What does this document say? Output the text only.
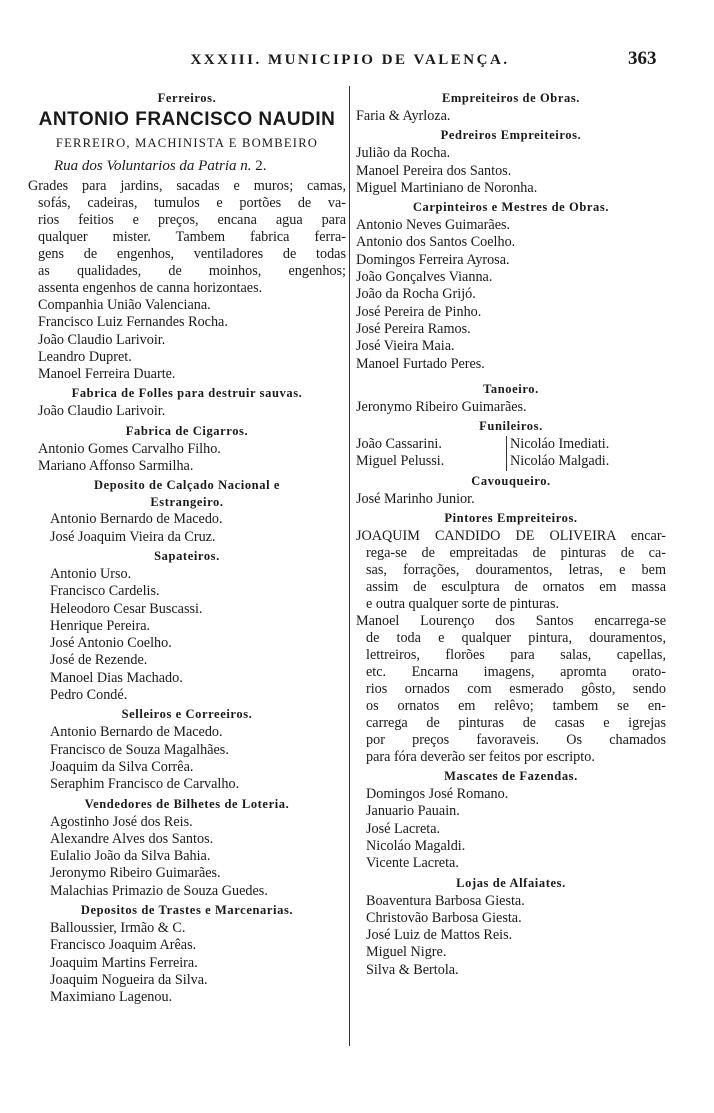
XXXIII. MUNICIPIO DE VALENÇA.	363
Ferreiros.
ANTONIO FRANCISCO NAUDIN
FERREIRO, MACHINISTA E BOMBEIRO
Rua dos Voluntarios da Patria n. 2.
Grades para jardins, sacadas e muros; camas,
sofás, cadeiras, tumulos e portões de va-
rios feitios e preços, encana agua para
qualquer mister. Tambem fabrica ferra-
gens de engenhos, ventiladores de todas
as qualidades, de moinhos, engenhos;
assenta engenhos de canna horizontaes.
Companhia União Valenciana.
Francisco Luiz Fernandes Rocha.
João Claudio Larivoir.
Leandro Dupret.
Manoel Ferreira Duarte.
Fabrica de Folles para destruir sauvas.
João Claudio Larivoir.
Fabrica de Cigarros.
Antonio Gomes Carvalho Filho.
Mariano Affonso Sarmilha.
Deposito de Calçado Nacional e
Estrangeiro.
Antonio Bernardo de Macedo.
José Joaquim Vieira da Cruz.
Sapateiros.
Antonio Urso.
Francisco Cardelis.
Heleodoro Cesar Buscassi.
Henrique Pereira.
José Antonio Coelho.
José de Rezende.
Manoel Dias Machado.
Pedro Condé.
Selleiros e Correeiros.
Antonio Bernardo de Macedo.
Francisco de Souza Magalhães.
Joaquim da Silva Corrêa.
Seraphim Francisco de Carvalho.
Vendedores de Bilhetes de Loteria.
Agostinho José dos Reis.
Alexandre Alves dos Santos.
Eulalio João da Silva Bahia.
Jeronymo Ribeiro Guimarães.
Malachias Primazio de Souza Guedes.
Depositos de Trastes e Marcenarias.
Balloussier, Irmão & C.
Francisco Joaquim Arêas.
Joaquim Martins Ferreira.
Joaquim Nogueira da Silva.
Maximiano Lagenou.
Empreiteiros de Obras.
Faria & Ayrloza.
Pedreiros Empreiteiros.
Julião da Rocha.
Manoel Pereira dos Santos.
Miguel Martiniano de Noronha.
Carpinteiros e Mestres de Obras.
Antonio Neves Guimarães.
Antonio dos Santos Coelho.
Domingos Ferreira Ayrosa.
João Gonçalves Vianna.
João da Rocha Grijó.
José Pereira de Pinho.
José Pereira Ramos.
José Vieira Maia.
Manoel Furtado Peres.
Tanoeiro.
Jeronymo Ribeiro Guimarães.
Funileiros.
João Cassarini.
Miguel Pelussi.
Nicoláo Imediati.
Nicoláo Malgadi.
Cavouqueiro.
José Marinho Junior.
Pintores Empreiteiros.
JOAQUIM CANDIDO DE OLIVEIRA encar-
rega-se de empreitadas de pinturas de ca-
sas, forrações, douramentos, letras, e bem
assim de esculptura de ornatos em massa
e outra qualquer sorte de pinturas.
Manoel Lourenço dos Santos encarrega-se
de toda e qualquer pintura, douramentos,
lettreiros, florões para salas, capellas,
etc. Encarna imagens, apromta orato-
rios ornados com esmerado gôsto, sendo
os ornatos em relêvo; tambem se en-
carrega de pinturas de casas e igrejas
por preços favoraveis. Os chamados
para fóra deverão ser feitos por escripto.
Mascates de Fazendas.
Domingos José Romano.
Januario Pauain.
José Lacreta.
Nicoláo Magaldi.
Vicente Lacreta.
Lojas de Alfaiates.
Boaventura Barbosa Giesta.
Christovão Barbosa Giesta.
José Luiz de Mattos Reis.
Miguel Nigre.
Silva & Bertola.
